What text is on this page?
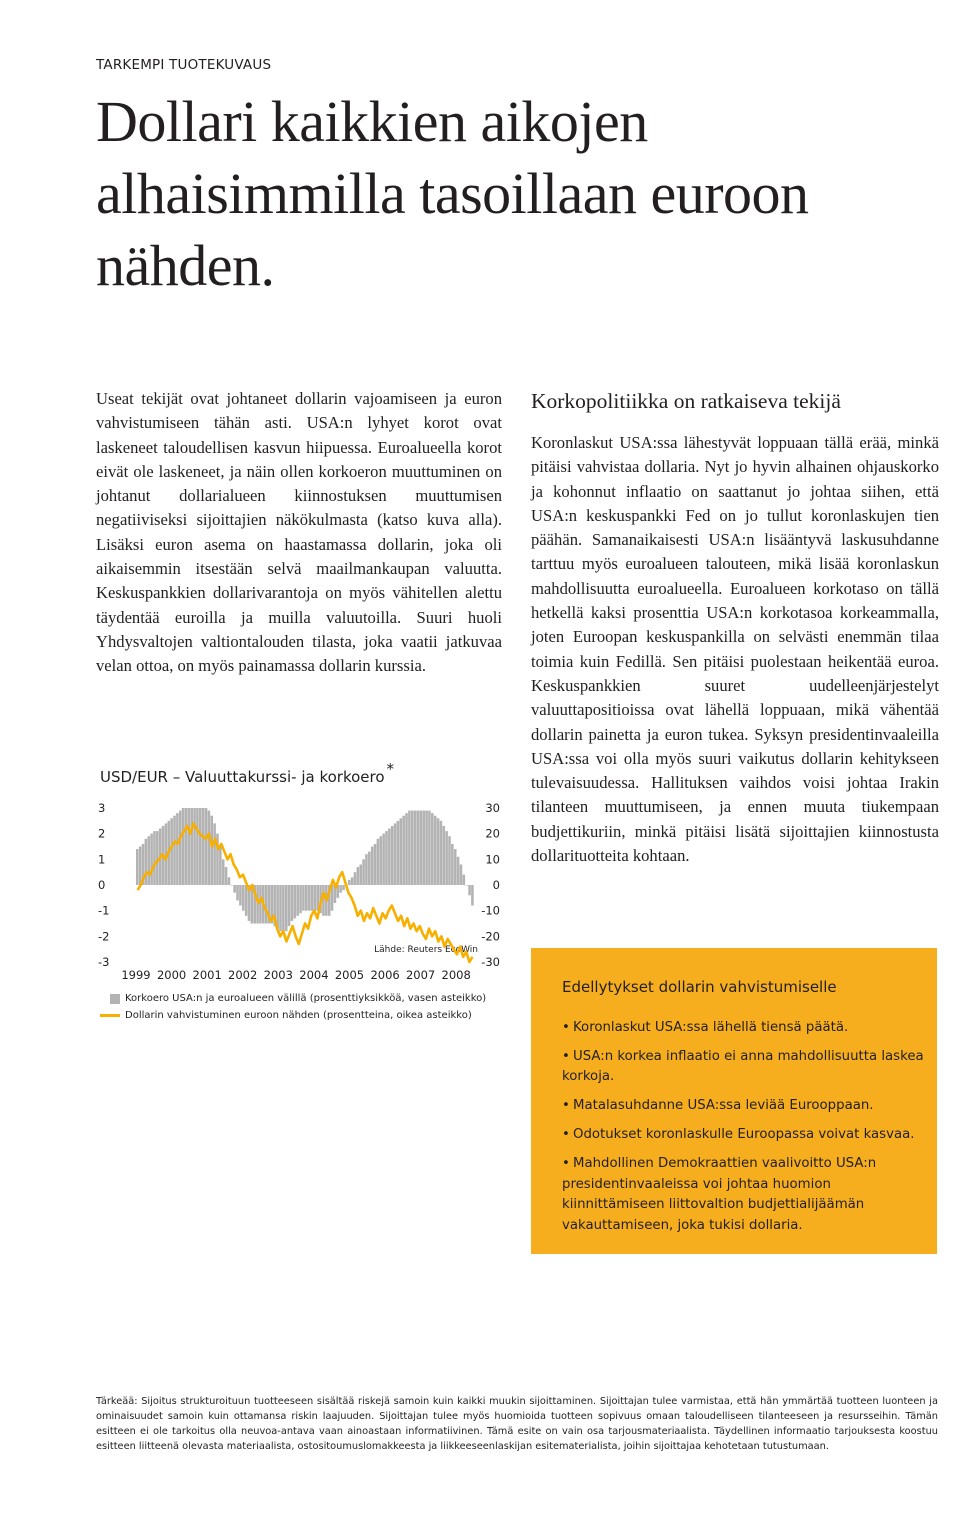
TARKEMPI TUOTEKUVAUS
Dollari kaikkien aikojen alhaisimmilla tasoillaan euroon nähden.

Useat tekijät ovat johtaneet dollarin vajoamiseen ja euron vahvistumiseen tähän asti. USA:n lyhyet korot ovat laskeneet taloudellisen kasvun hiipuessa. Euroalueella korot eivät ole laskeneet, ja näin ollen korkoeron muuttuminen on johtanut dollarialueen kiinnostuksen muuttumisen negatiiviseksi sijoittajien näkökulmasta (katso kuva alla). Lisäksi euron asema on haastamassa dollarin, joka oli aikaisemmin itsestään selvä maailmankaupan valuutta. Keskuspankkien dollarivarantoja on myös vähitellen alettu täydentää euroilla ja muilla valuutoilla. Suuri huoli Yhdysvaltojen valtiontalouden tilasta, joka vaatii jatkuvaa velan ottoa, on myös painamassa dollarin kurssia.

Korkopolitiikka on ratkaiseva tekijä

Koronlaskut USA:ssa lähestyvät loppuaan tällä erää, minkä pitäisi vahvistaa dollaria. Nyt jo hyvin alhainen ohjauskorko ja kohonnut inflaatio on saattanut jo johtaa siihen, että USA:n keskuspankki Fed on jo tullut koronlaskujen tien päähän. Samanaikaisesti USA:n lisääntyvä laskusuhdanne tarttuu myös euroalueen talouteen, mikä lisää koronlaskun mahdollisuutta euroalueella. Euroalueen korkotaso on tällä hetkellä kaksi prosenttia USA:n korkotasoa korkeammalla, joten Euroopan keskuspankilla on selvästi enemmän tilaa toimia kuin Fedillä. Sen pitäisi puolestaan heikentää euroa. Keskuspankkien suuret uudelleenjärjestelyt valuuttapositioissa ovat lähellä loppuaan, mikä vähentää dollarin painetta ja euron tukea. Syksyn presidentinvaaleilla USA:ssa voi olla myös suuri vaikutus dollarin kehitykseen tulevaisuudessa. Hallituksen vaihdos voisi johtaa Irakin tilanteen muuttumiseen, ja ennen muuta tiukempaan budjettikuriin, minkä pitäisi lisätä sijoittajien kiinnostusta dollarituotteita kohtaan.

USD/EUR – Valuuttakurssi- ja korkoero *
3
2
1
0
-1
-2
-3
30
20
10
0
-10
-20
-30
1999 2000 2001 2002 2003 2004 2005 2006 2007 2008
Lähde: Reuters EcoWin
Korkoero USA:n ja euroalueen välillä (prosenttiyksikköä, vasen asteikko)
Dollarin vahvistuminen euroon nähden (prosentteina, oikea asteikko)
Edellytykset dollarin vahvistumiselle
• Koronlaskut USA:ssa lähellä tiensä päätä.
• USA:n korkea inflaatio ei anna mahdollisuutta laskea korkoja.
• Matalasuhdanne USA:ssa leviää Eurooppaan.
• Odotukset koronlaskulle Euroopassa voivat kasvaa.
• Mahdollinen Demokraattien vaalivoitto USA:n presidentinvaaleissa voi johtaa huomion kiinnittämiseen liittovaltion budjettialijäämän vakauttamiseen, joka tukisi dollaria.

Tärkeää: Sijoitus strukturoituun tuotteeseen sisältää riskejä samoin kuin kaikki muukin sijoittaminen. Sijoittajan tulee varmistaa, että hän ymmärtää tuotteen luonteen ja ominaisuudet samoin kuin ottamansa riskin laajuuden. Sijoittajan tulee myös huomioida tuotteen sopivuus omaan taloudelliseen tilanteeseen ja resursseihin. Tämän esitteen ei ole tarkoitus olla neuvoa-antava vaan ainoastaan informatiivinen. Tämä esite on vain osa tarjousmateriaalista. Täydellinen informaatio tarjouksesta koostuu esitteen liitteenä olevasta materiaalista, ostositoumuslomakkeesta ja liikkeeseenlaskijan esitematerialista, joihin sijoittajaa kehotetaan tutustumaan.
